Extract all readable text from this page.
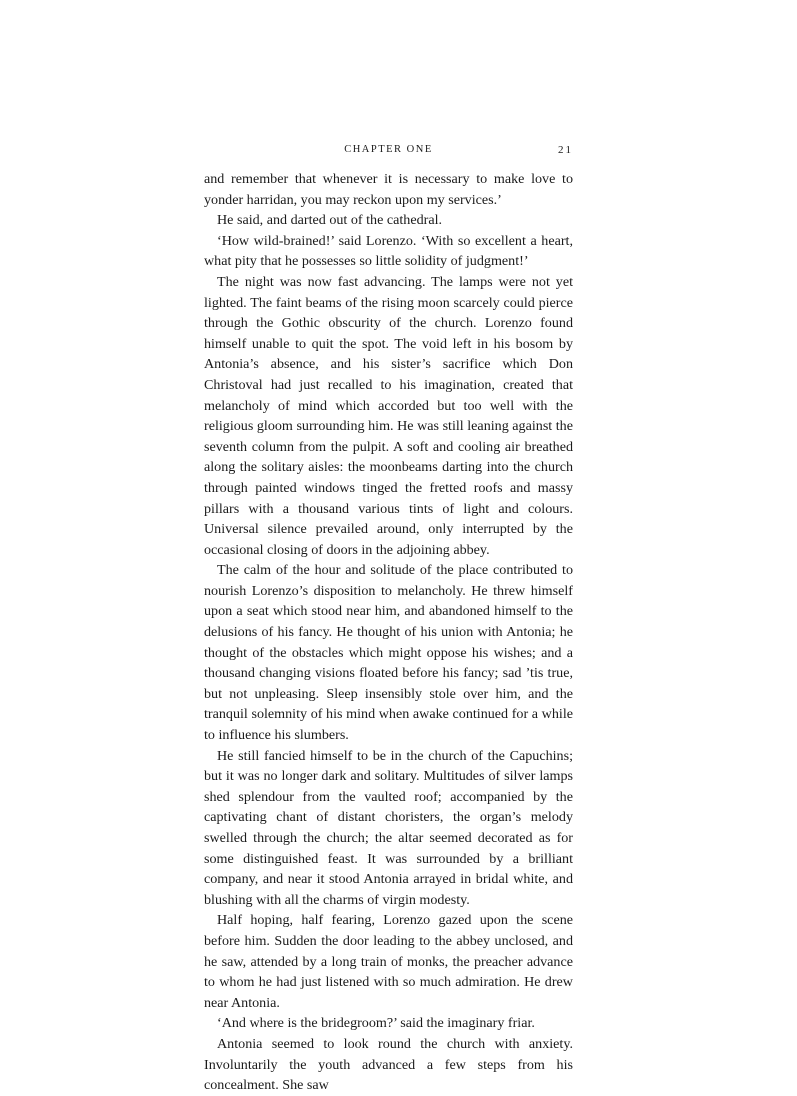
CHAPTER ONE	21

and remember that whenever it is necessary to make love to yonder harridan, you may reckon upon my services.’

He said, and darted out of the cathedral.

‘How wild-brained!’ said Lorenzo. ‘With so excellent a heart, what pity that he possesses so little solidity of judgment!’

The night was now fast advancing. The lamps were not yet lighted. The faint beams of the rising moon scarcely could pierce through the Gothic obscurity of the church. Lorenzo found himself unable to quit the spot. The void left in his bosom by Antonia’s absence, and his sister’s sacrifice which Don Christoval had just recalled to his imagination, created that melancholy of mind which accorded but too well with the religious gloom surrounding him. He was still leaning against the seventh column from the pulpit. A soft and cooling air breathed along the solitary aisles: the moonbeams darting into the church through painted windows tinged the fretted roofs and massy pillars with a thousand various tints of light and colours. Universal silence prevailed around, only interrupted by the occasional closing of doors in the adjoining abbey.

The calm of the hour and solitude of the place contributed to nourish Lorenzo’s disposition to melancholy. He threw himself upon a seat which stood near him, and abandoned himself to the delusions of his fancy. He thought of his union with Antonia; he thought of the obstacles which might oppose his wishes; and a thousand changing visions floated before his fancy; sad ’tis true, but not unpleasing. Sleep insensibly stole over him, and the tranquil solemnity of his mind when awake continued for a while to influence his slumbers.

He still fancied himself to be in the church of the Capuchins; but it was no longer dark and solitary. Multitudes of silver lamps shed splendour from the vaulted roof; accompanied by the captivating chant of distant choristers, the organ’s melody swelled through the church; the altar seemed decorated as for some distinguished feast. It was surrounded by a brilliant company, and near it stood Antonia arrayed in bridal white, and blushing with all the charms of virgin modesty.

Half hoping, half fearing, Lorenzo gazed upon the scene before him. Sudden the door leading to the abbey unclosed, and he saw, attended by a long train of monks, the preacher advance to whom he had just listened with so much admiration. He drew near Antonia.

‘And where is the bridegroom?’ said the imaginary friar.

Antonia seemed to look round the church with anxiety. Involuntarily the youth advanced a few steps from his concealment. She saw
